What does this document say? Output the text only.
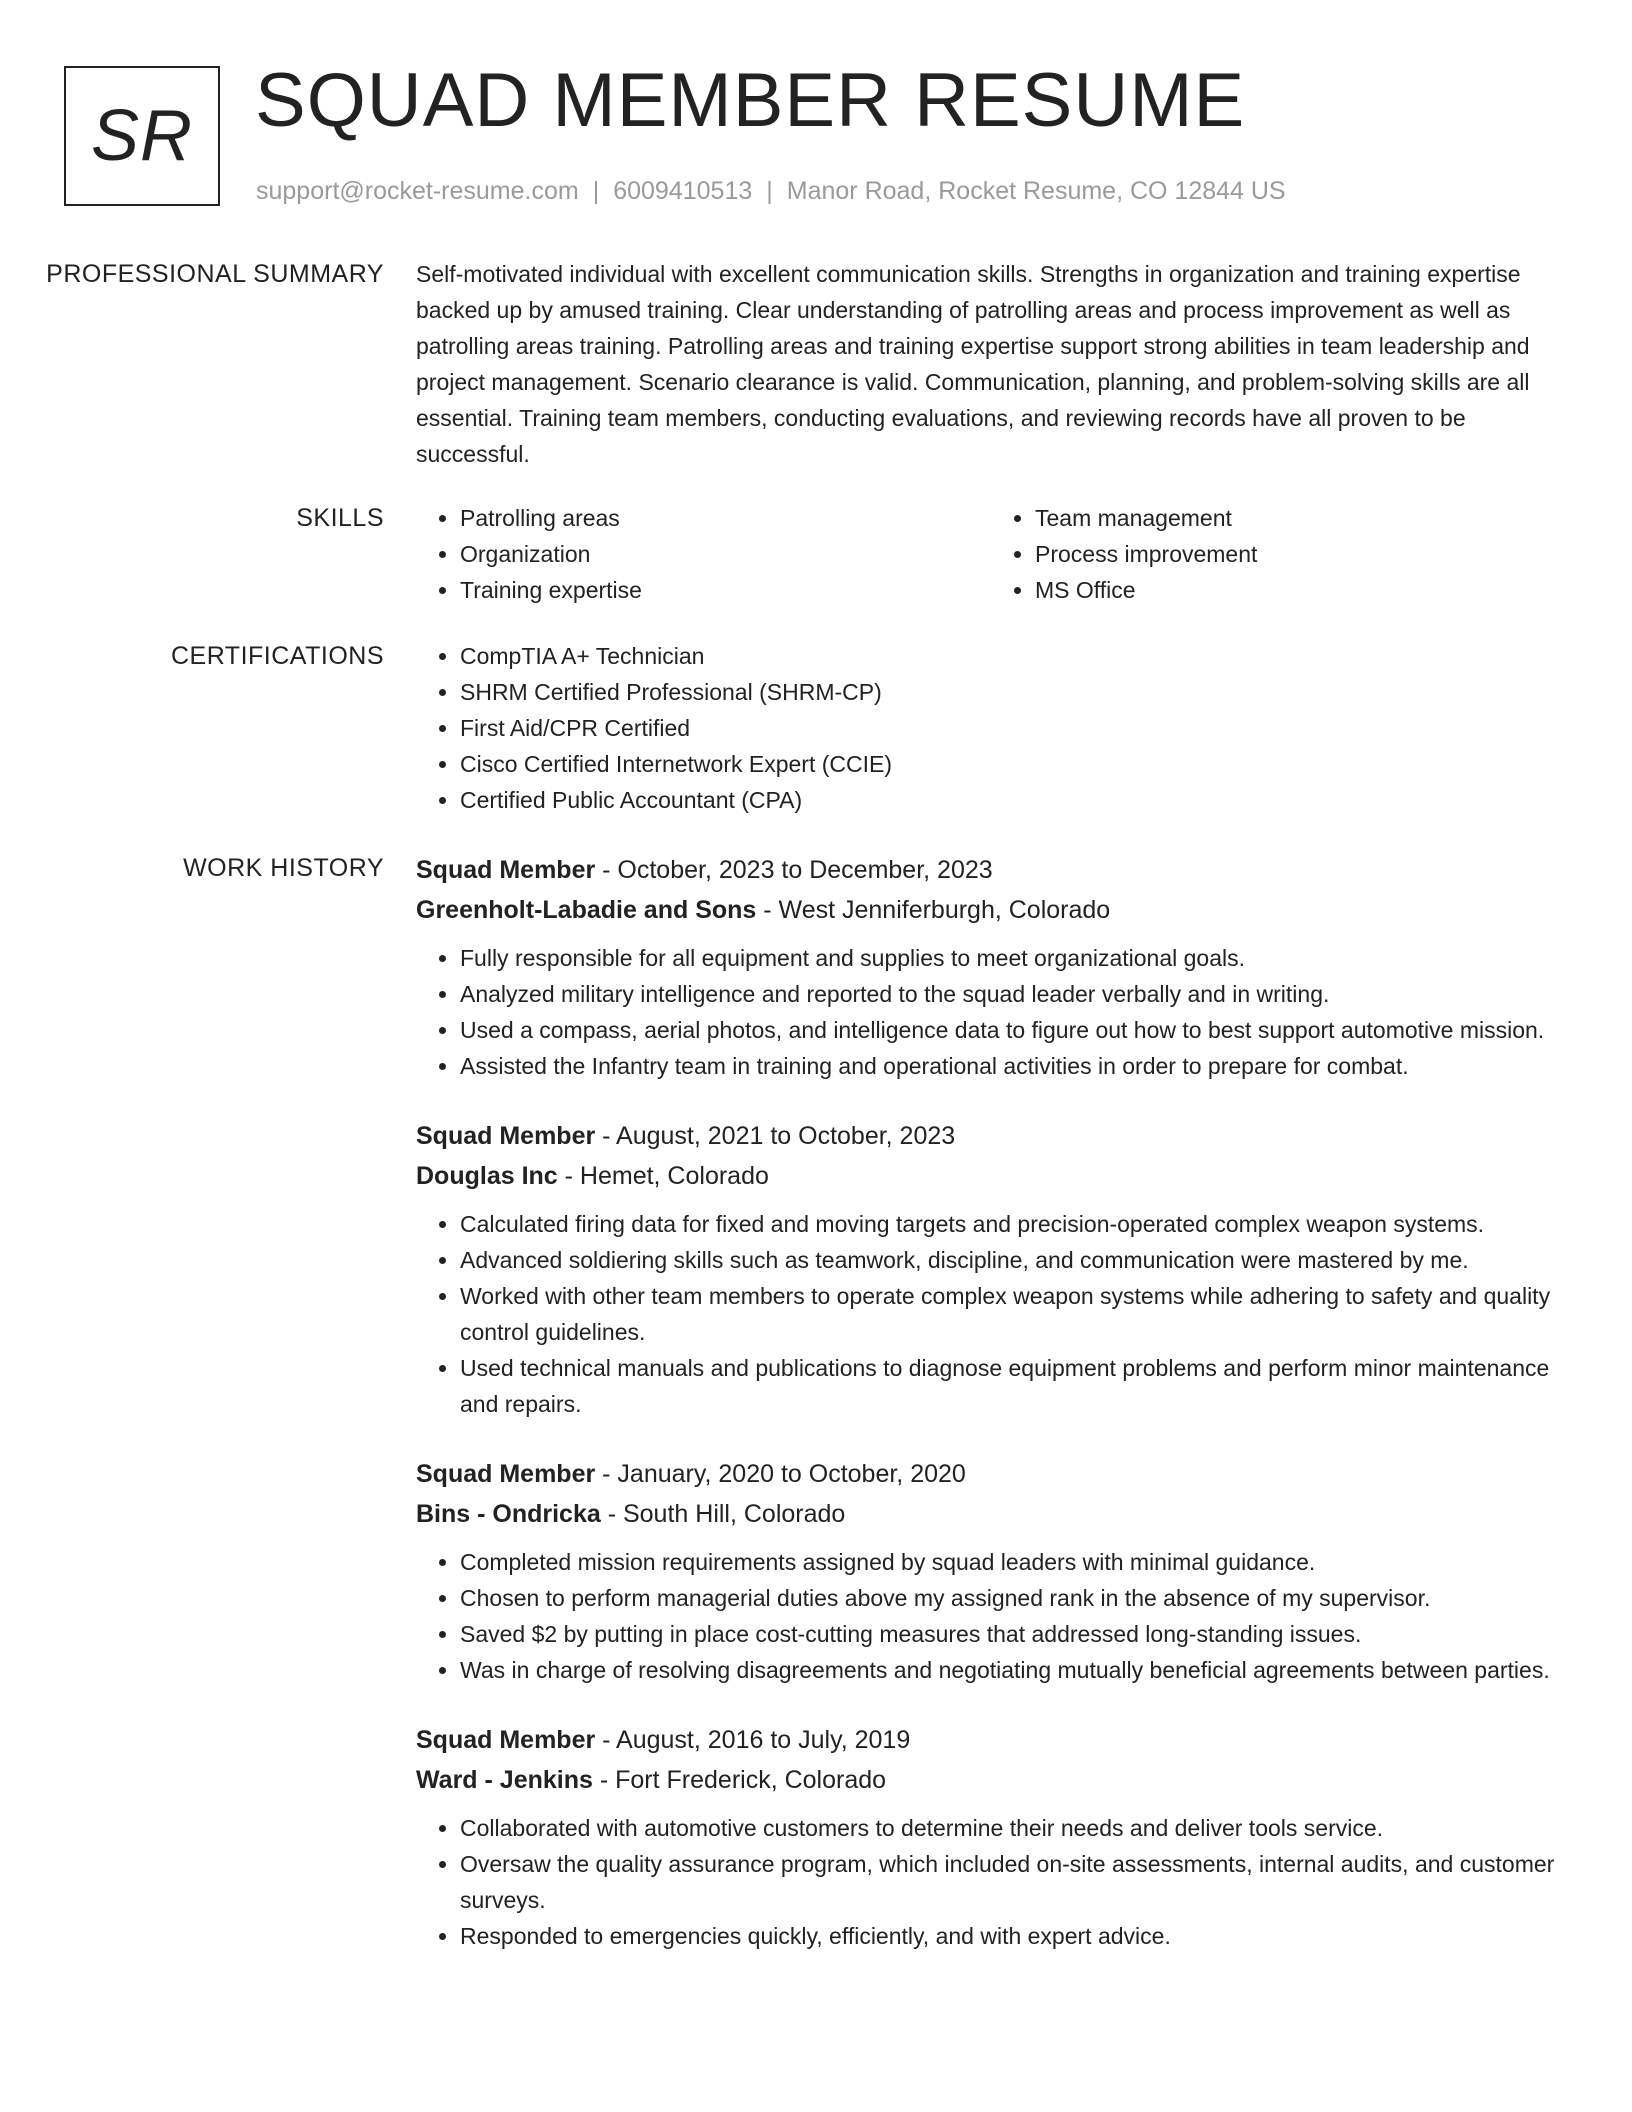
SR SQUAD MEMBER RESUME
support@rocket-resume.com | 6009410513 | Manor Road, Rocket Resume, CO 12844 US
PROFESSIONAL SUMMARY	Self-motivated individual with excellent communication skills. Strengths in organization and training expertise backed up by amused training. Clear understanding of patrolling areas and process improvement as well as patrolling areas training. Patrolling areas and training expertise support strong abilities in team leadership and project management. Scenario clearance is valid. Communication, planning, and problem-solving skills are all essential. Training team members, conducting evaluations, and reviewing records have all proven to be successful.

SKILLS	• Patrolling areas
• Organization
• Training expertise
• Team management
• Process improvement
• MS Office
CERTIFICATIONS	• CompTIA A+ Technician
• SHRM Certified Professional (SHRM-CP)
• First Aid/CPR Certified
• Cisco Certified Internetwork Expert (CCIE)
• Certified Public Accountant (CPA)
WORK HISTORY	Squad Member - October, 2023 to December, 2023
Greenholt-Labadie and Sons - West Jenniferburgh, Colorado
• Fully responsible for all equipment and supplies to meet organizational goals.
• Analyzed military intelligence and reported to the squad leader verbally and in writing.
• Used a compass, aerial photos, and intelligence data to figure out how to best support automotive mission.
• Assisted the Infantry team in training and operational activities in order to prepare for combat.
Squad Member - August, 2021 to October, 2023
Douglas Inc - Hemet, Colorado
• Calculated firing data for fixed and moving targets and precision-operated complex weapon systems.
• Advanced soldiering skills such as teamwork, discipline, and communication were mastered by me.
• Worked with other team members to operate complex weapon systems while adhering to safety and quality control guidelines.
• Used technical manuals and publications to diagnose equipment problems and perform minor maintenance and repairs.
Squad Member - January, 2020 to October, 2020
Bins - Ondricka - South Hill, Colorado
• Completed mission requirements assigned by squad leaders with minimal guidance.
• Chosen to perform managerial duties above my assigned rank in the absence of my supervisor.
• Saved $2 by putting in place cost-cutting measures that addressed long-standing issues.
• Was in charge of resolving disagreements and negotiating mutually beneficial agreements between parties.
Squad Member - August, 2016 to July, 2019
Ward - Jenkins - Fort Frederick, Colorado
• Collaborated with automotive customers to determine their needs and deliver tools service.
• Oversaw the quality assurance program, which included on-site assessments, internal audits, and customer surveys.
• Responded to emergencies quickly, efficiently, and with expert advice.
